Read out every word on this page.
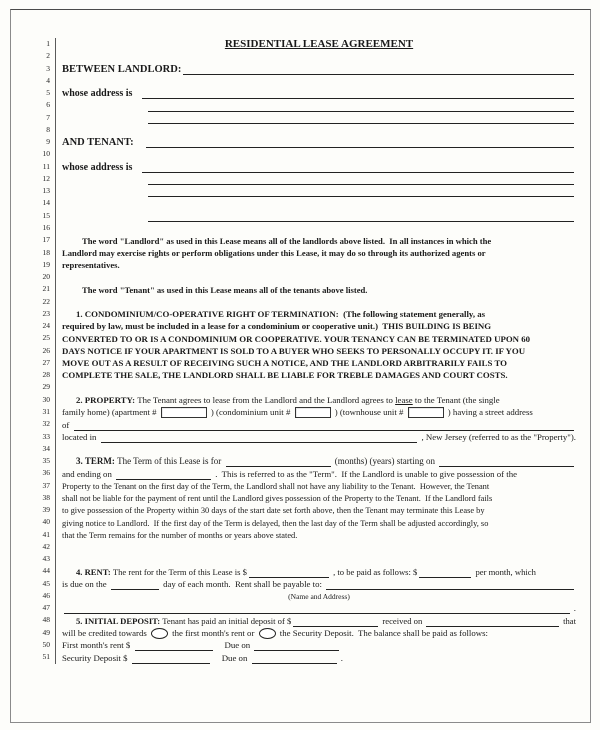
1	RESIDENTIAL LEASE AGREEMENT
2
3	BETWEEN LANDLORD:
4
5	whose address is
6
7
8
9	AND TENANT:
10
11	whose address is
12
13
14
15
16
17	The word "Landlord" as used in this Lease means all of the landlords above listed.  In all instances in which the
18	Landlord may exercise rights or perform obligations under this Lease, it may do so through its authorized agents or
19	representatives.
20
21	The word "Tenant" as used in this Lease means all of the tenants above listed.
22
23	1. CONDOMINIUM/CO-OPERATIVE RIGHT OF TERMINATION:  (The following statement generally, as
24	required by law, must be included in a lease for a condominium or cooperative unit.)  THIS BUILDING IS BEING
25	CONVERTED TO OR IS A CONDOMINIUM OR COOPERATIVE. YOUR TENANCY CAN BE TERMINATED UPON 60
26	DAYS NOTICE IF YOUR APARTMENT IS SOLD TO A BUYER WHO SEEKS TO PERSONALLY OCCUPY IT. IF YOU
27	MOVE OUT AS A RESULT OF RECEIVING SUCH A NOTICE, AND THE LANDLORD ARBITRARILY FAILS TO
28	COMPLETE THE SALE, THE LANDLORD SHALL BE LIABLE FOR TREBLE DAMAGES AND COURT COSTS.
29
30	2. PROPERTY: The Tenant agrees to lease from the Landlord and the Landlord agrees to lease to the Tenant (the single
31	family home) (apartment #	) (condominium unit #	) (townhouse unit #	) having a street address
32	of
33	located in	, New Jersey (referred to as the "Property").
34
35	3. TERM: The Term of this Lease is for	(months) (years) starting on
36	and ending on	.  This is referred to as the "Term".  If the Landlord is unable to give possession of the
37	Property to the Tenant on the first day of the Term, the Landlord shall not have any liability to the Tenant.  However, the Tenant
38	shall not be liable for the payment of rent until the Landlord gives possession of the Property to the Tenant.  If the Landlord fails
39	to give possession of the Property within 30 days of the start date set forth above, then the Tenant may terminate this Lease by
40	giving notice to Landlord.  If the first day of the Term is delayed, then the last day of the Term shall be adjusted accordingly, so
41	that the Term remains for the number of months or years above stated.
42
43
44	4. RENT: The rent for the Term of this Lease is $	, to be paid as follows: $	per month, which
45	is due on the	day of each month.  Rent shall be payable to:
46	(Name and Address)
47	.
48	5. INITIAL DEPOSIT: Tenant has paid an initial deposit of $	received on	that
49	will be credited towards the first month's rent or the Security Deposit.  The balance shall be paid as follows:
50	First month's rent $	Due on
51	Security Deposit $	Due on	.
